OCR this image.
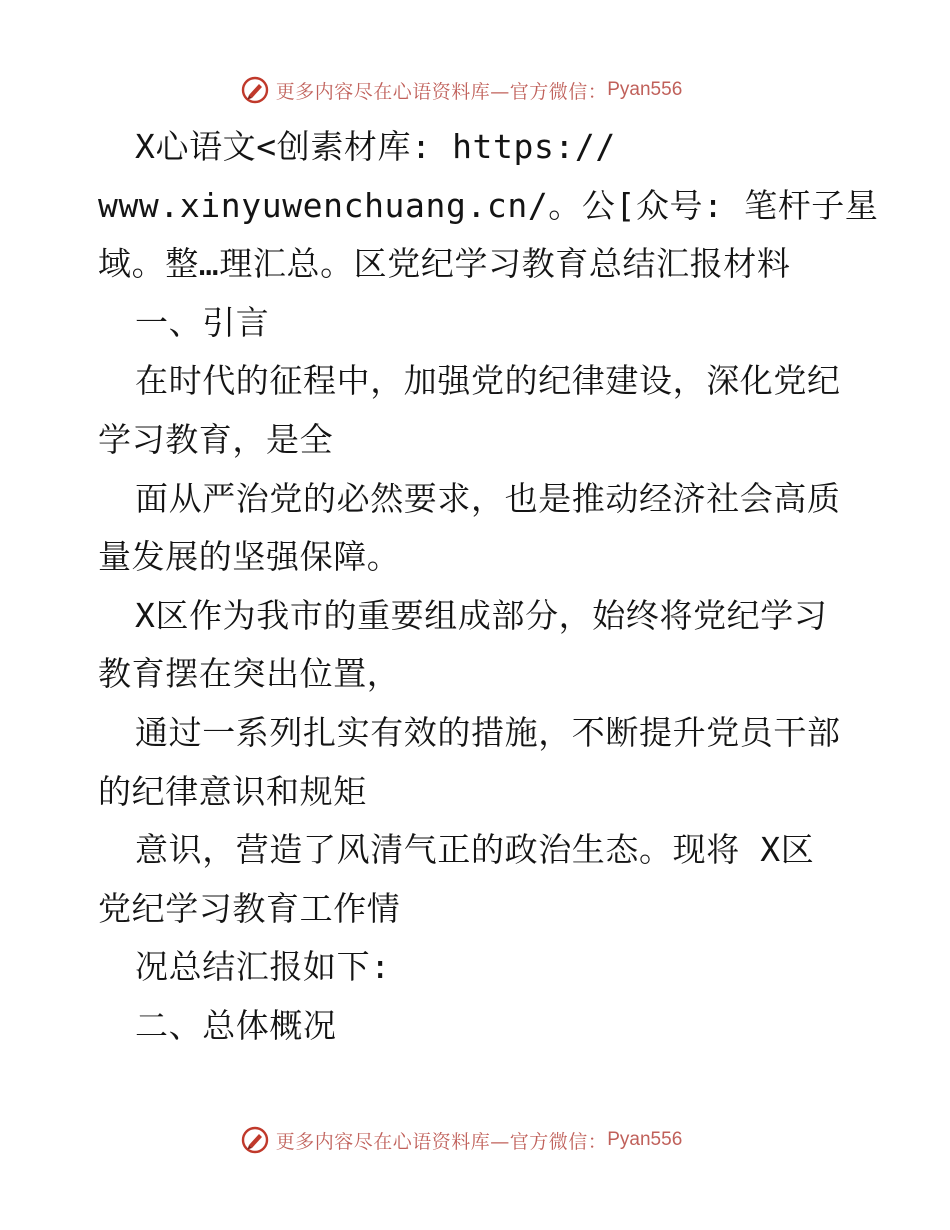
更多内容尽在心语资料库—官方微信： Pyan556
X心语文<创素材库: https://
www.xinyuwenchuang.cn/。公[众号: 笔杆子星
域。整…理汇总。区党纪学习教育总结汇报材料
一、引言
在时代的征程中，加强党的纪律建设，深化党纪
学习教育，是全
面从严治党的必然要求，也是推动经济社会高质
量发展的坚强保障。
X区作为我市的重要组成部分，始终将党纪学习
教育摆在突出位置，
通过一系列扎实有效的措施，不断提升党员干部
的纪律意识和规矩
意识，营造了风清气正的政治生态。现将 X区
党纪学习教育工作情
况总结汇报如下:
二、总体概况
更多内容尽在心语资料库—官方微信： Pyan556
